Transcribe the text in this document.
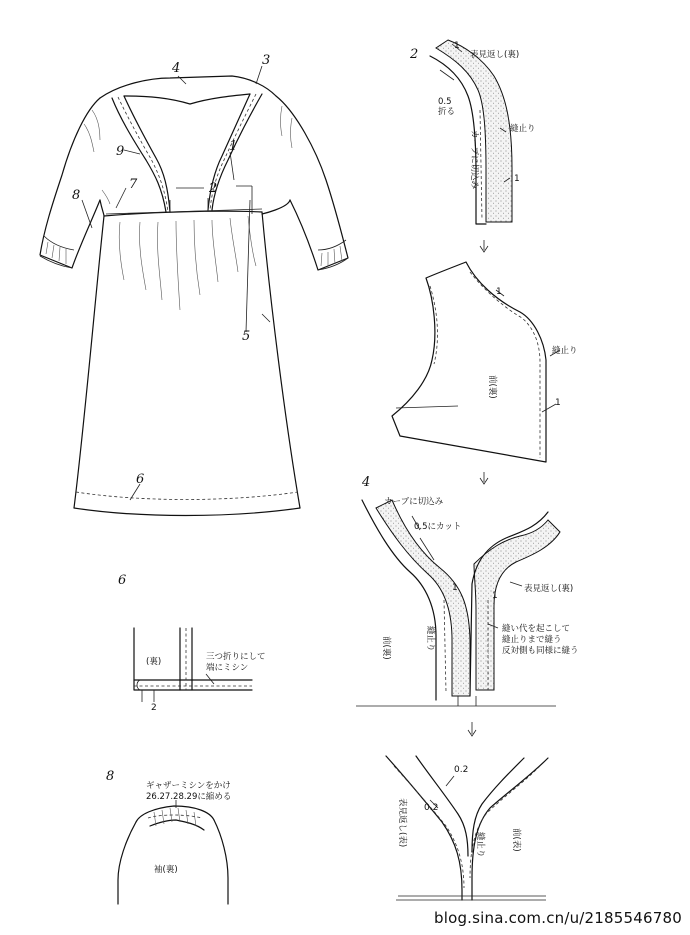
4
3
1
2
7
8
9
5
6
2
1
表見返し(裏)
0.5
折る
カーブに切込み
縫止り
1
1
縫止り
前(裏)
1
4
カーブに切込み
0.5にカット
表見返し(裏)
1
1
縫い代を起こして
縫止りまで縫う
反対側も同様に縫う
前(裏)	縫止り
0.2
0.2
表見返し(表)	縫止り	前(表)
6
(裏)	三つ折りにして
端にミシン
2
8
ギャザーミシンをかけ
26.27.28.29に縮める
袖(裏)
blog.sina.com.cn/u/2185546780
